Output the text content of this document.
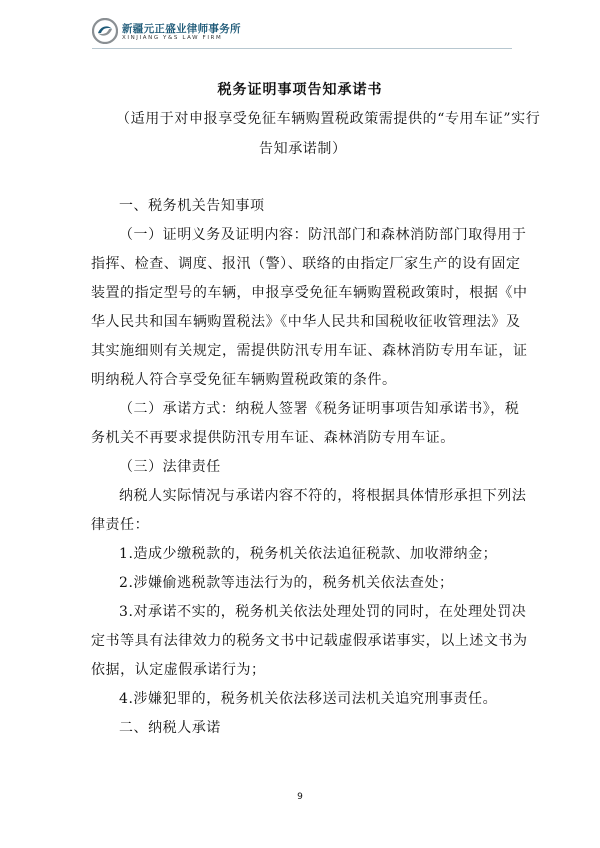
新疆元正盛业律师事务所
XINJIANG Y&S LAW FIRM
税务证明事项告知承诺书
（适用于对申报享受免征车辆购置税政策需提供的“专用车证”实行
告知承诺制）
一、税务机关告知事项
（一）证明义务及证明内容：防汛部门和森林消防部门取得用于
指挥、检查、调度、报汛（警）、联络的由指定厂家生产的设有固定
装置的指定型号的车辆，申报享受免征车辆购置税政策时，根据《中
华人民共和国车辆购置税法》《中华人民共和国税收征收管理法》及
其实施细则有关规定，需提供防汛专用车证、森林消防专用车证，证
明纳税人符合享受免征车辆购置税政策的条件。
（二）承诺方式：纳税人签署《税务证明事项告知承诺书》，税
务机关不再要求提供防汛专用车证、森林消防专用车证。
（三）法律责任
纳税人实际情况与承诺内容不符的，将根据具体情形承担下列法
律责任：
1.造成少缴税款的，税务机关依法追征税款、加收滞纳金；
2.涉嫌偷逃税款等违法行为的，税务机关依法查处；
3.对承诺不实的，税务机关依法处理处罚的同时，在处理处罚决
定书等具有法律效力的税务文书中记载虚假承诺事实，以上述文书为
依据，认定虚假承诺行为；
4.涉嫌犯罪的，税务机关依法移送司法机关追究刑事责任。
二、纳税人承诺
9
